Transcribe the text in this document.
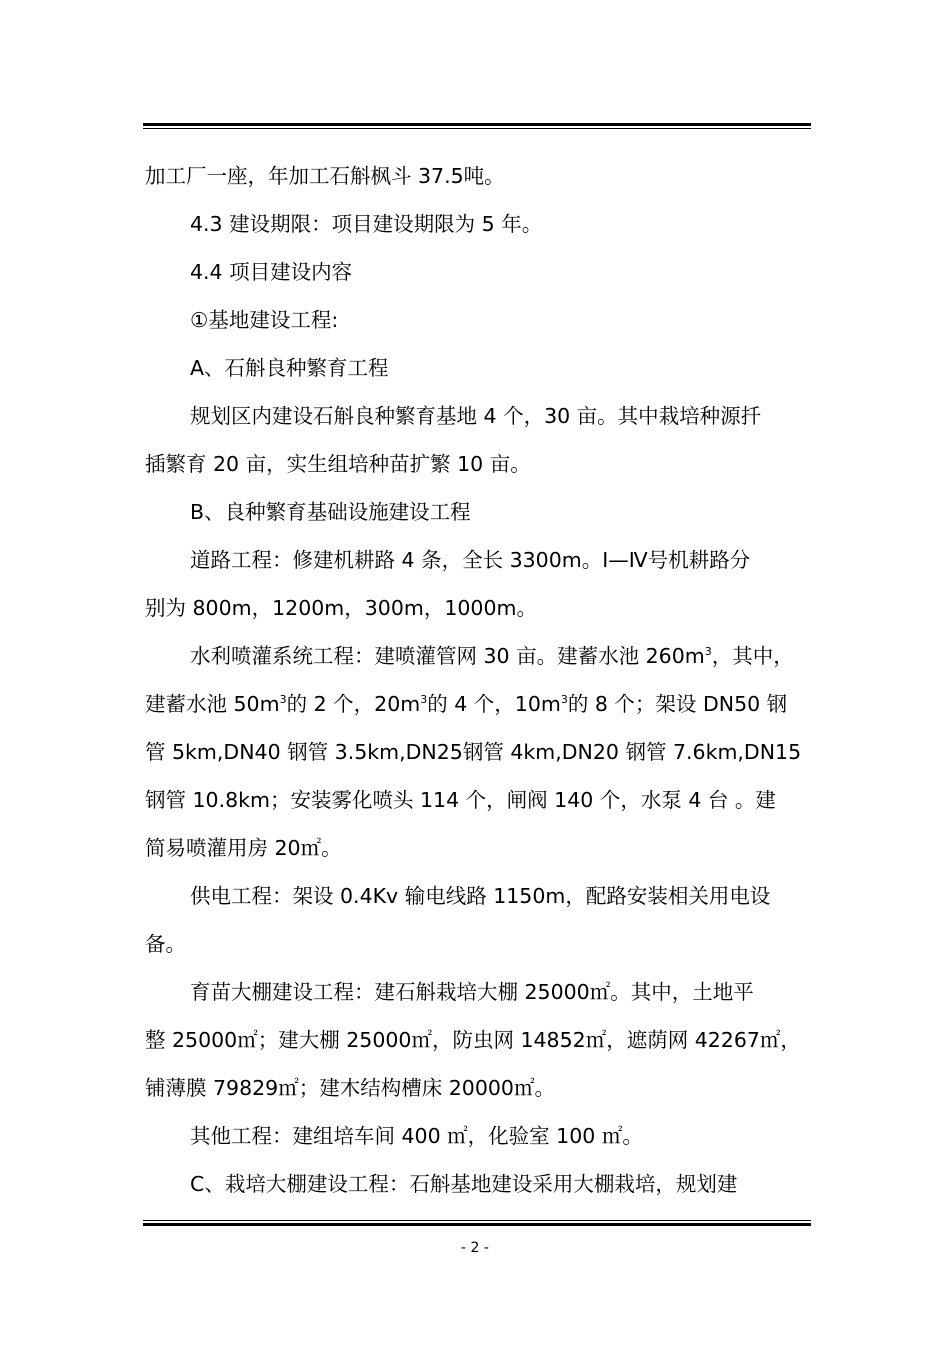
加工厂一座，年加工石斛枫斗 37.5吨。
4.3 建设期限：项目建设期限为 5 年。
4.4 项目建设内容
①基地建设工程:
A、石斛良种繁育工程
规划区内建设石斛良种繁育基地 4 个，30 亩。其中栽培种源扦
插繁育 20 亩，实生组培种苗扩繁 10 亩。
B、良种繁育基础设施建设工程
道路工程：修建机耕路 4 条，全长 3300m。Ⅰ—Ⅳ号机耕路分
别为 800m，1200m，300m，1000m。
水利喷灌系统工程：建喷灌管网 30 亩。建蓄水池 $260m^3$，其中，
建蓄水池 $50m^3$的 2 个，$20m^3$的 4 个，$10m^3$的 8 个；架设 DN50 钢
管 5km,DN40 钢管 3.5km,DN25钢管 4km,DN20 钢管 7.6km,DN15
钢管 10.8km；安装雾化喷头 114 个，闸阀 140 个，水泵 4 台 。建
简易喷灌用房 20㎡。
供电工程：架设 0.4Kv 输电线路 1150m，配路安装相关用电设
备。
育苗大棚建设工程：建石斛栽培大棚 25000㎡。其中，土地平
整 25000㎡；建大棚 25000㎡，防虫网 14852㎡，遮荫网 42267㎡，
铺薄膜 79829㎡；建木结构槽床 20000㎡。
其他工程：建组培车间 400 ㎡，化验室 100 ㎡。
C、栽培大棚建设工程：石斛基地建设采用大棚栽培，规划建
- 2 -
